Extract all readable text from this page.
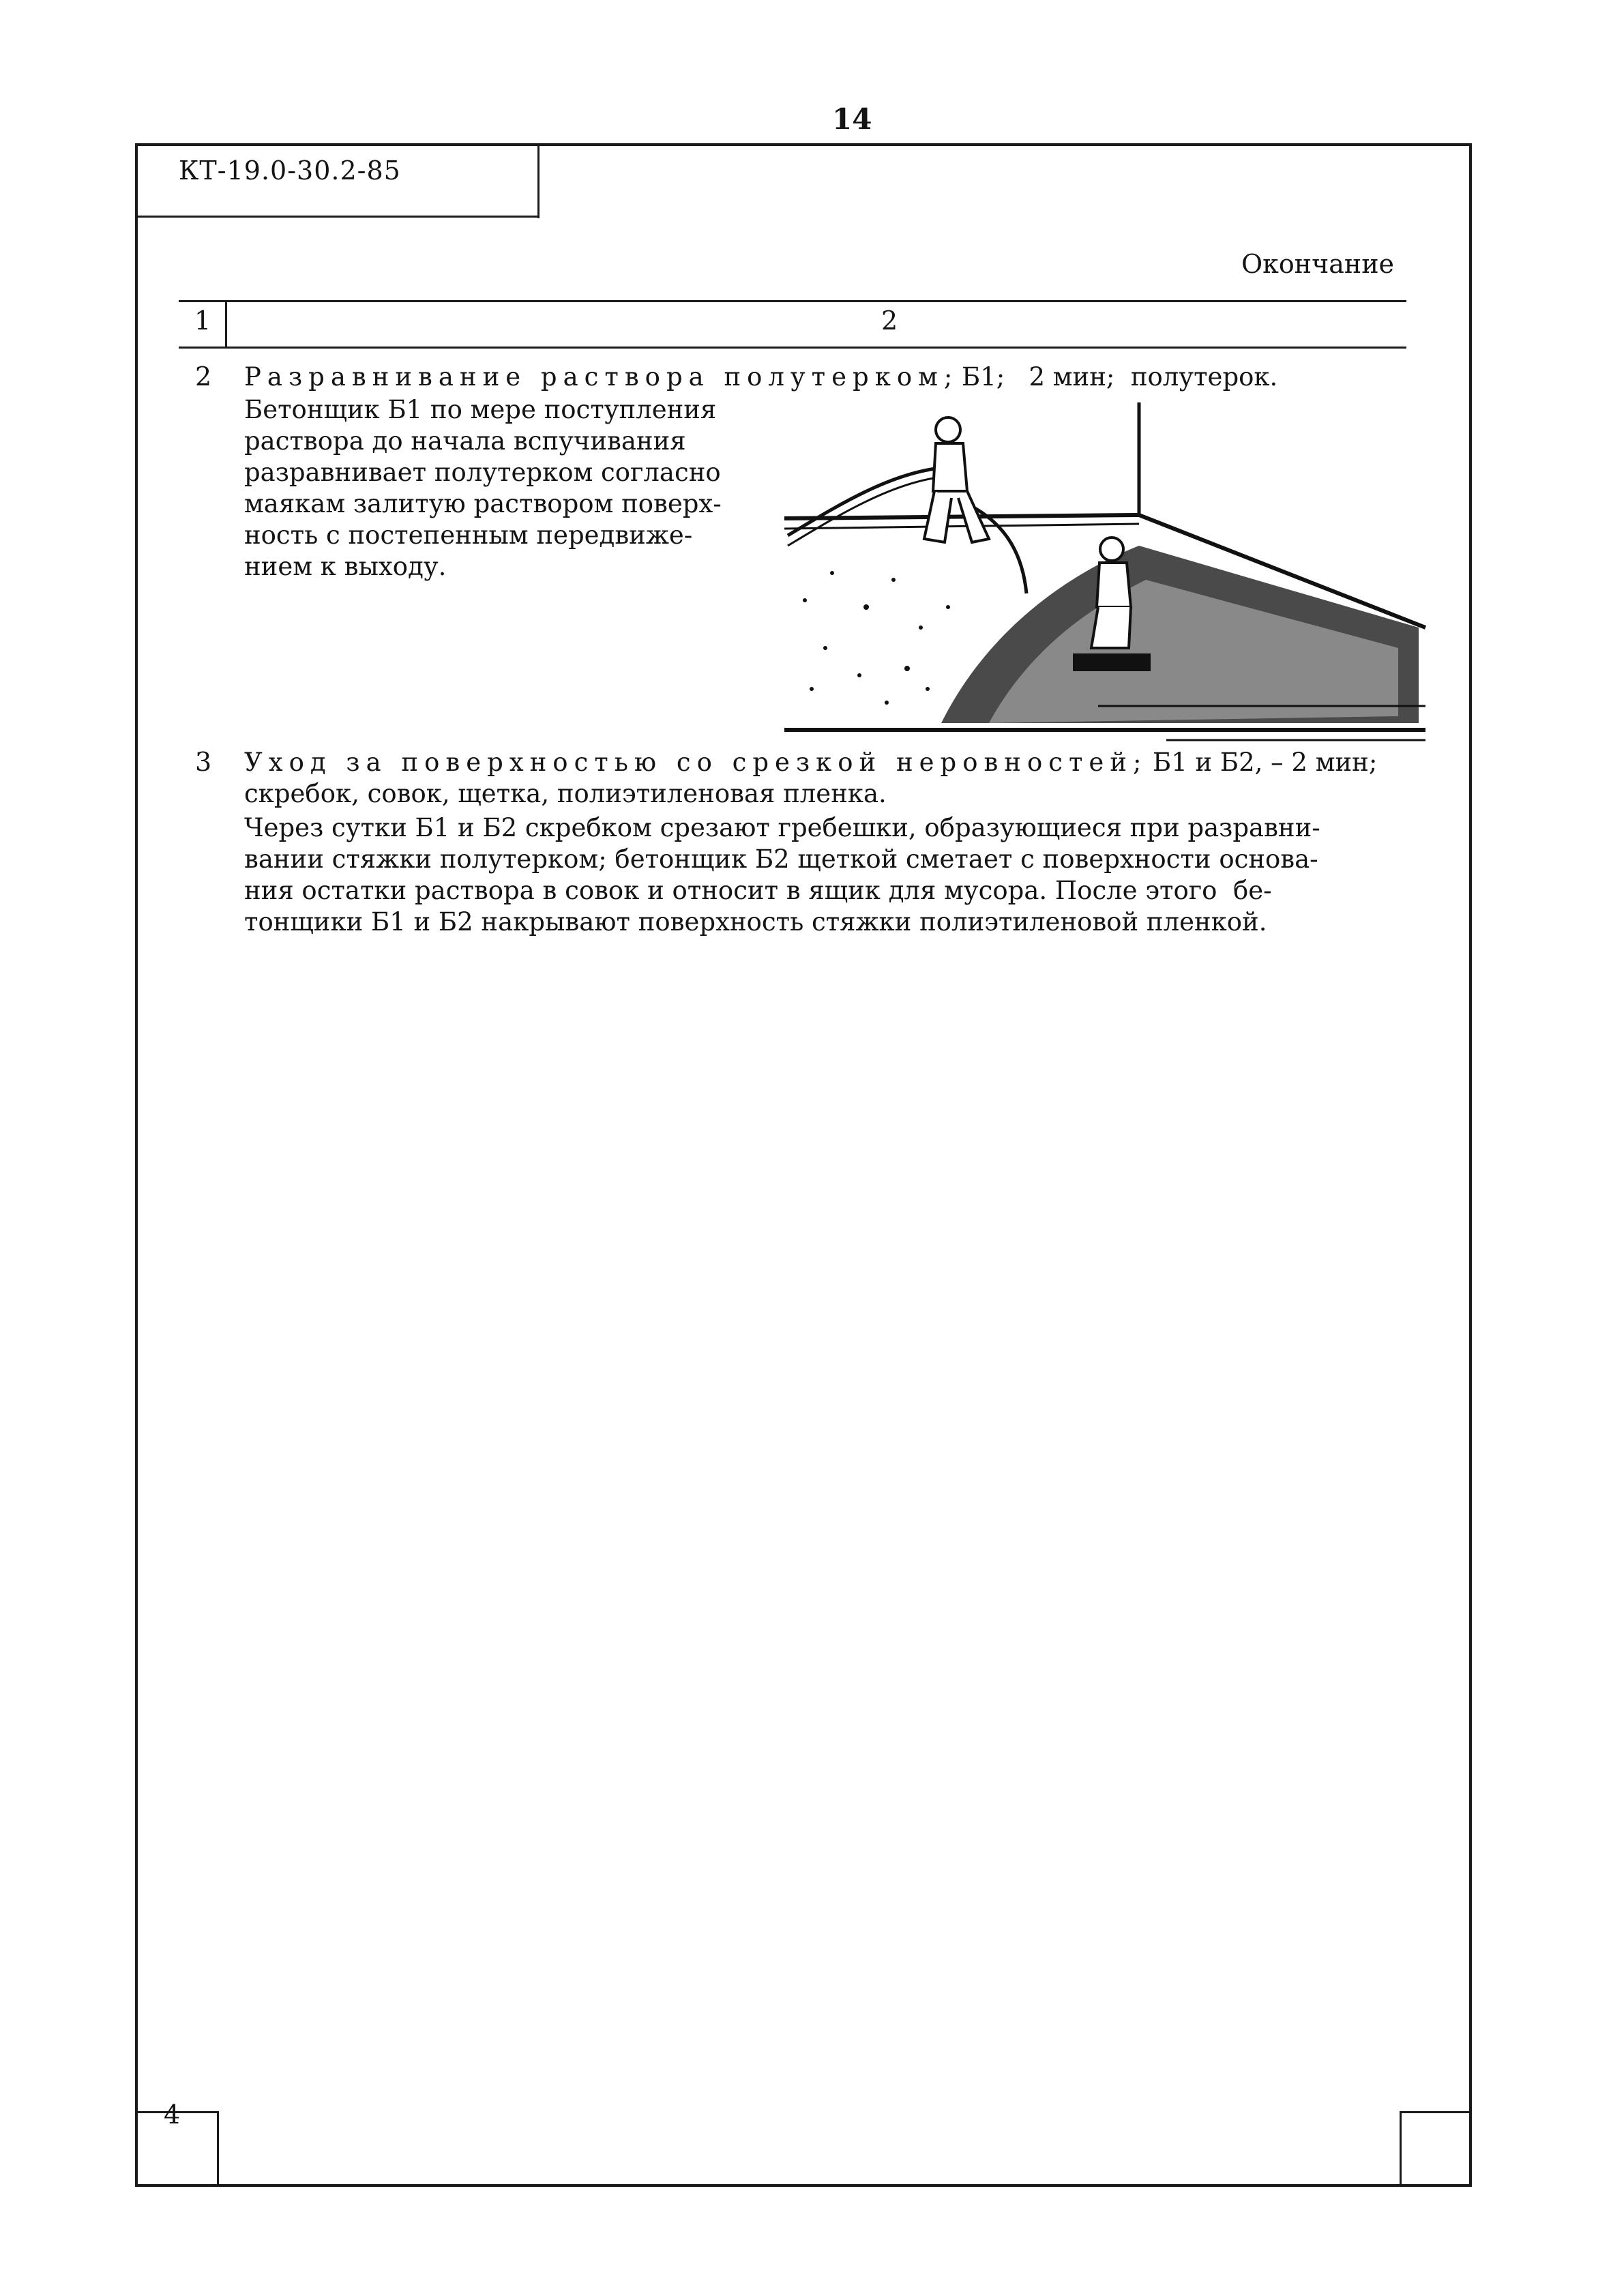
14
КТ-19.0-30.2-85
Окончание
1	2
2 Разравнивание раствора полутерком; Б1;   2 мин;  полутерок.
Бетонщик Б1 по мере поступления
раствора до начала вспучивания
разравнивает полутерком согласно
маякам залитую раствором поверх-
ность с постепенным передвиже-
нием к выходу.
3 Уход за поверхностью со срезкой неровностей; Б1 и Б2, – 2 мин;
скребок, совок, щетка, полиэтиленовая пленка.
Через сутки Б1 и Б2 скребком срезают гребешки, образующиеся при разравни-
вании стяжки полутерком; бетонщик Б2 щеткой сметает с поверхности основа-
ния остатки раствора в совок и относит в ящик для мусора. После этого  бе-
тонщики Б1 и Б2 накрывают поверхность стяжки полиэтиленовой пленкой.
4
